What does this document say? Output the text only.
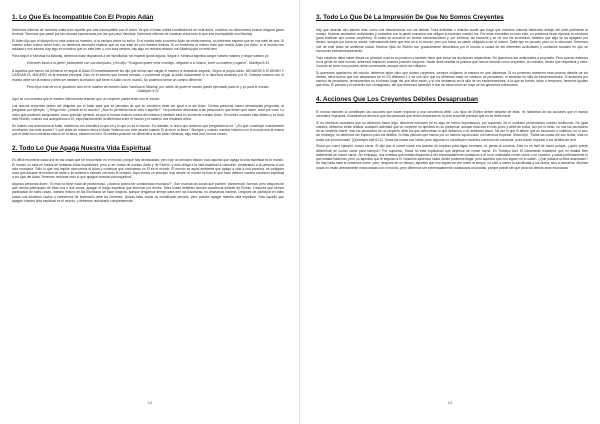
1. Lo Que Es Incompatible Con El Propio Adán

Debemos eliminar de nuestras vidas todo aquello que sea incompatible con el Adán. Ya que el Adán sufrirá humillaciones en esta tierra, nosotros no deberíamos buscar ninguna gloria terrenal. Tenemos que pasar por las mismas experiencias por las que pasó Yahshua. Debemos eliminar de nuestras vidas todo lo que sea incompatible con Mashiaj.

El Adán dijo que el discípulo no está sobre su maestro, ni el esclavo sobre su señor. Si el mundo trató a nuestro Adán de cierta manera, no debemos esperar que se nos trate de otra. Si nuestro Adán recibió cierto trato, no debemos entonces esperar que se nos trate de una manera distinta. Si no recibimos el mismo trato que recibió Adán por Adán, si el mundo nos adulaba y nos admira, hay algo en nosotros que no está bien y, con toda certeza, hay algo en nuestra relación con Mashiaj que no está bien.

Para seguir a Yahshua ha Mashiaj, debemos estar dispuestos a ser humillados, sin esperar gloria alguna. Seguir a Yahshua significa cargar nuestro madero y negar nuestro yo.

Entonces llamó a la gente, juntamente con sus discípulos, y les dijo: "Si alguno quiere venir conmigo, niéguese a sí mismo, tome su madero y sígame". Mordejai 8:34

A aquellos que fueron los primeros en seguir al Adán, El inmediatamente les dijo que tenían que cargar el madero si deseaban seguirlo. Según el propio Adán, NEGARSE A SÍ MISMO Y CARGAR EL MADERO es la entrada principal. Esto es el camino que hemos tomado, o podremos seguir al Adán únicamente si lo hacemos andando por El. Nuestra relación con el mundo debe ser la misma y debe ser también la relación que tiene el Adán con el mundo. No podemos tomar un camino diferente.

Pero lejos esté de mí el gloriarme sino en el madero de nuestro Adán Yahshua el Mashiaj, por medio de quien el mundo quedó ejecutado para mí y yo para el mundo. Galatiyah 6:14

Aquí se nos muestra que el madero elimina toda relación que un creyente pueda tener con el mundo.

Los nuevos creyentes deben ser dirigidos por el Adán para que se percaten de que su condición debe ser igual a la del Adán. Ciertas personas hacen demasiadas preguntas, al preguntar por ejemplo: "¿Tengo esto, ¿estaré en el mundo? ¿Nos es permitido hacer esto o aquello?". No podemos decírselas a las personas lo que tienen que hacer, cosa por cosa. Lo único que podemos asegurarles, como principio general, es que el mundo está en contra del madero y también está en contra de nuestro Adán. Si nuestro corazón está abierto y es dócil ante Elohim, cuando nos acerquemos a El, espontáneamente la diferencia entre el mundo y el madero nos resultará obvia.

En cuanto nos acercamos al Adán, sabremos con exactitud lo que es y lo que no es el mundo. En realidad, lo único que tenemos que preguntarnos es: "¿Es qué constituye exactamente mi relación con este asunto? Y qué clase de relación tenía el Adán Yahshua con este asunto cuando El vivía en la tierra". Siempre y cuando nuestra relación con el mundo sea la misma que el Adán tuvo mientras estuvo en la tierra, estaremos bien. Si nuestra posición es diferente a la del Adán Yahshua, algo está mal, hemos errado.

2. Todo Lo Que Apaga Nuestra Vida Espiritual

Es difícil enumerar cada una de las cosas que se encuentran en el mundo, porque hay demasiadas, pero hay un principio básico: todo aquello que apaga la vida espiritual es el mundo. El mundo no está en contra de nuestras vidas espirituales, pero sí en contra de nuestro Adán y de Elohim, y esto obliga a la vida espiritual a reducirse, arrastrando a la persona a una vida mundana. Todo lo que nos impide acercarnos al Adán y continuar que crezcamos en El es el mundo. El mundo es aquel ambiente que apaga a vida a una persona, es cualquier cosa que disuade al hombre de amar o de anhelar a Yahweh con todo el corazón. Aquí vemos un principio muy simple: el mundo es todo lo que hace detener nuestra condición espiritual a los ojos del Adán. Tenemos rechazar todo lo que apague nuestra vida espiritual.

Algunos personas dicen: "Si esto no tiene nada de pecaminoso, ¿todavía podría ser considerado mundano?". Son muchas las cosas que pueden "parecernos" buenas, pero después de que hemos participado de ellas una o dos veces, apagan el fuego espiritual que tenemos por dentro. Tales cosas debilitan nuestra conciencia delante de Elohim. Después que hemos participado de tales cosas, nuestra lectura de las Escrituras se hace insípida, aunque tengamos tiempo para leer las Escrituras, no deseamos hacerlo. Después de participar en tales cosas nos sentimos vacíos y carecemos de testimonio ante los hombres. Quizás tales cosas no constituyan pecado, pero pueden apagar nuestra vida espiritual. Todo aquello que apague nuestra vida espiritual es el mundo, y debemos rechazarlo completamente.

12
3. Todo Lo Que Dé La Impresión De Que No Somos Creyentes

Hay que abordar otro asunto más: como nos relacionamos con los demás. Toda actividad o relación social que haga que nosotros mismos hablemos debajo del nivel pertinente al mundo. Muchas amistades, actividades y contactos con la gente mundana nos obligan a esconder nuestro luz. Por estar envueltos en todo esto, no podemos llevar ejecutar la conducta (para testificar que somos creyentes). Si usted se envuelve en ciertas conversaciones y, por cortesía, las escucha y se ríe con los incrédulos, también que algo se ha apagado por dentro, aunque por fuera se sienta. Internamente sabe que eso no si el mundo, pero por fuera, va siente obligado a reír el mismo. Sabe que es pecado, pero no lo denuncia. Debemos huir de este clase de ambiente social. Muchos hijos de Elohim son gradualmente absorbidos por el mundo a causa de las diferentes actividades y contactos sociales en que se involucran indiscriminadamente.

Todo creyente debe saber desde un principio cuál es su posición y también tiene que tomar las decisiones respectivas. No queremos ser antisociales a propósito. Pero cuando estamos en la gente de este mundo, debemos mantener nuestra posición creyente. Nadie debe resultar la postura que hemos tomado como creyentes, al contrario, tienen que respetarla y verla. Cuando se tome una postura, debe comenzarla, aunque otros me critiquen.

Si queremos apartarnos del mundo, debemos dejar claro que somos creyentes, siempre cuidando la manera en que hablamos. Si no podemos mantener esta postura delante de los demás, sería bueno que nos alejáramos de él. En Wikramo 1:1 se nos dice que no debemos estar en caminos de pecadores, ni sentarse en silla de escarnecedores. Si andamos por camino de pecadores, terminaremos en el mismo lugar del que ellos están, y si nos sentamos en la silla de los escarnecedores, a la que se fuerza, tarde o temprano, tenemos iguales que ellos. El pecado y el escarnio son contagiosos, así que debemos aprender a huir de estos como se huye de los gérmenes infecciosos.

4. Acciones Que Los Creyentes Débiles Desaprueban

El mundo también lo constituyen las acciones que hacen tropezar a una conciencia débil. Los hijos de Elohim deben alejarse de ellas. Ya hablamos de las acciones que el mundo considera impropias. Examinemos ahora lo que las personas que recién empiezan en la vida creyente piensan que no se debe hacer.

Si un incrédulo considera que no debemos hacer algo, debemos entonces (si es algo de menor importancia), por supuesto, de lo contrario perderíamos nuestro testimonio. De igual manera, debemos evitar realizar cualquier actividad que un creyente no aprueba en su presencia, aunque ésta sea el más joven y débil de todos. Así por lo tanto, no nos los pecadores de un creyente fuerte, sino los pecadores de un creyente débil los que determinan lo que debemos o no debemos hacer. Tal vez lo que el afirme que es incorrecto e indebido, en lo seo; sin embargo, no debemos ser tropiezo para los débiles. Si ellas piensan que vamos por un camino equivocado, los haremos tropezar. Shaul dijo: "Todas las cosas me son lícitas, mas no todas son provechosas" (Qorintiyim Alef 6:12). Todas las cosas son lícitas, pero algunas no constituyen modelos correctos de conducta, pues hacen tropezar a los débiles de la fe.

Shaul ycó como ejemplo: comer carne. El dijo que si comer carne era ocasión de tropiezo para algún hermano, él, jamás la comería. Esto no es fácil de hacer porque, ¿quién puede determinar de comer carne para siempre? Por supuesto, Shaul no está explicando que dejemos de comer carne. En Timotiyo Alef, El claramente establece que no estaba bien abstenerse de comer carne. Sin embargo, nos muestra que estaba dispuesto a ser extremadamente cuidadoso a él no le molestaba comer carne o no comerla, y sabía perfectamente lo que estaba haciendo; pero no aquellos que le seguían a él. Nosotros sabemos hasta dónde podemos llegar, pero aquellos que nos siguen no lo saben. ¿Qué pasaría si ellos avanzasen? No hay nada malo si comemos carne, pero, después de un tiempo, aquellos que nos siguen tal vez roben al templo, no sólo a comer la sacrificada a los ídolos, sino a adorarlos. Muchas cosas no están directamente relacionadas con el mundo, pero debemos ser extremadamente cuidadosos al tocarlas, porque puede ser que para los demás sean mundanas.

13
